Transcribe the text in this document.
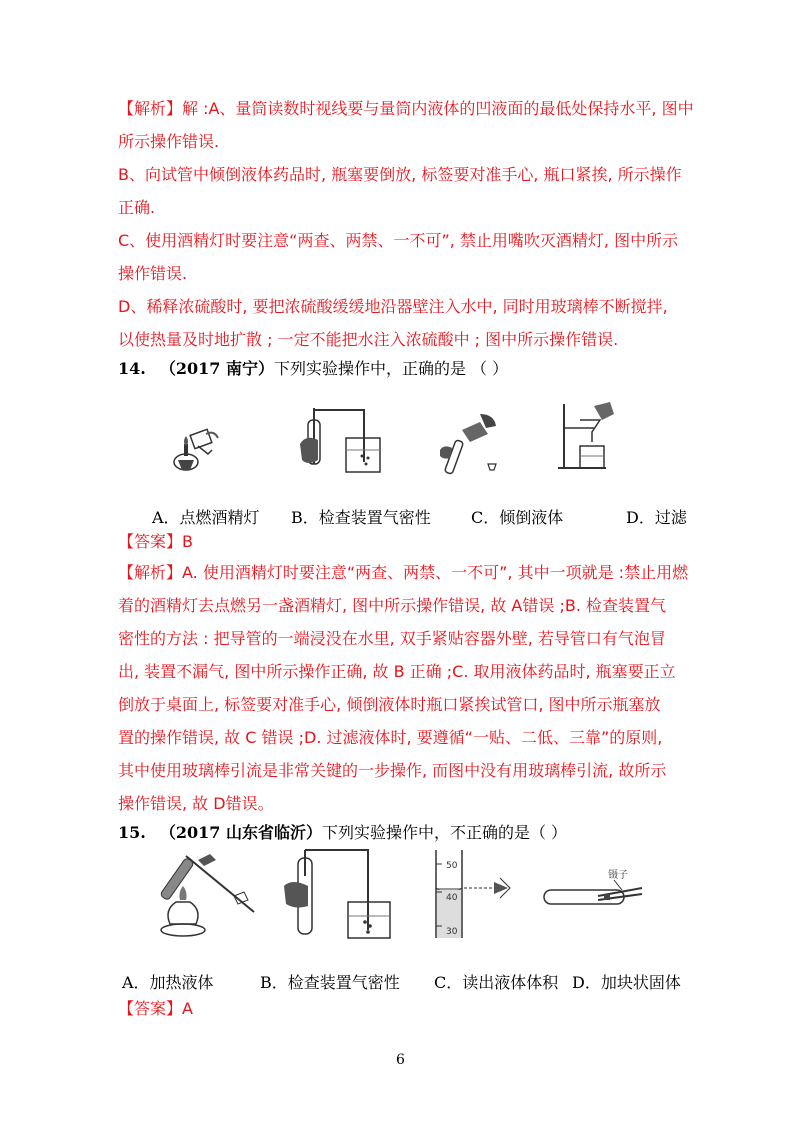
【解析】解 :A、量筒读数时视线要与量筒内液体的凹液面的最低处保持水平, 图中
所示操作错误.
B、向试管中倾倒液体药品时, 瓶塞要倒放, 标签要对准手心, 瓶口紧挨, 所示操作
正确.
C、使用酒精灯时要注意“两查、两禁、一不可”, 禁止用嘴吹灭酒精灯, 图中所示
操作错误.
D、稀释浓硫酸时, 要把浓硫酸缓缓地沿器壁注入水中, 同时用玻璃棒不断搅拌,
以使热量及时地扩散 ; 一定不能把水注入浓硫酸中 ; 图中所示操作错误.
14. （2017 南宁）下列实验操作中，正确的是 （ ）
A．点燃酒精灯 B．检查装置气密性	C．倾倒液体	D．过滤
【答案】B
【解析】A. 使用酒精灯时要注意“两查、两禁、一不可”, 其中一项就是 :禁止用燃
着的酒精灯去点燃另一盏酒精灯, 图中所示操作错误, 故 A错误 ;B. 检查装置气
密性的方法 : 把导管的一端浸没在水里, 双手紧贴容器外壁, 若导管口有气泡冒
出, 装置不漏气, 图中所示操作正确, 故 B 正确 ;C. 取用液体药品时, 瓶塞要正立
倒放于桌面上, 标签要对准手心, 倾倒液体时瓶口紧挨试管口, 图中所示瓶塞放
置的操作错误, 故 C 错误 ;D. 过滤液体时, 要遵循“一贴、二低、三靠”的原则,
其中使用玻璃棒引流是非常关键的一步操作, 而图中没有用玻璃棒引流, 故所示
操作错误, 故 D错误。
15. （2017 山东省临沂）下列实验操作中，不正确的是（ ）
50
40
30
镊子
A．加热液体	B．检查装置气密性 C．读出液体体积 D．加块状固体
【答案】A
6
